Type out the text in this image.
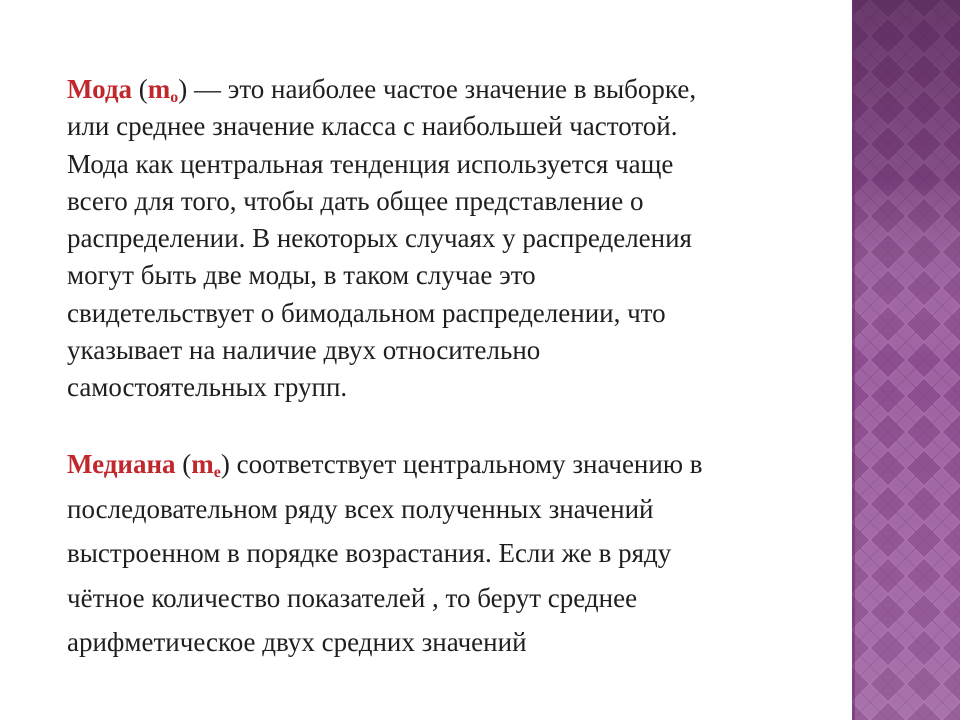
Мода $(m_o)$ — это наиболее частое значение в выборке,
или среднее значение класса с наибольшей частотой.
Мода как центральная тенденция используется чаще
всего для того, чтобы дать общее представление о
распределении. В некоторых случаях у распределения
могут быть две моды, в таком случае это
свидетельствует о бимодальном распределении, что
указывает на наличие двух относительно
самостоятельных групп.

Медиана $(m_e)$ соответствует центральному значению в
последовательном ряду всех полученных значений
выстроенном в порядке возрастания. Если же в ряду
чётное количество показателей , то берут среднее
арифметическое двух средних значений
